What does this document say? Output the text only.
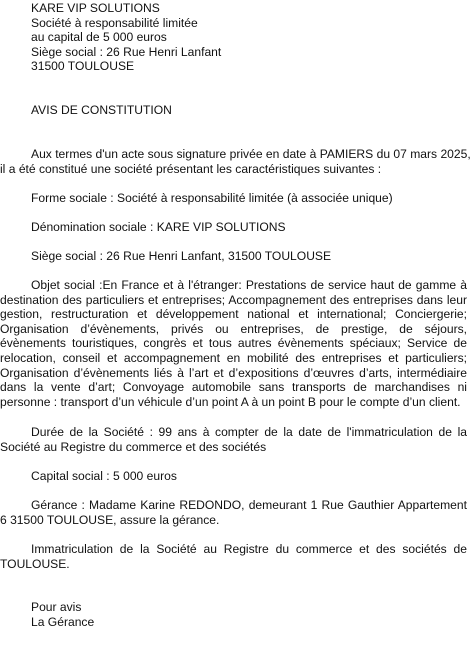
KARE VIP SOLUTIONS
Société à responsabilité limitée
au capital de 5 000 euros
Siège social : 26 Rue Henri Lanfant
31500 TOULOUSE
AVIS DE CONSTITUTION
Aux termes d'un acte sous signature privée en date à PAMIERS du 07 mars 2025,
il a été constitué une société présentant les caractéristiques suivantes :
Forme sociale : Société à responsabilité limitée (à associée unique)
Dénomination sociale : KARE VIP SOLUTIONS
Siège social : 26 Rue Henri Lanfant, 31500 TOULOUSE

Objet social :En France et à l'étranger: Prestations de service haut de gamme à destination des particuliers et entreprises; Accompagnement des entreprises dans leur gestion, restructuration et développement national et international; Conciergerie; Organisation d’évènements, privés ou entreprises, de prestige, de séjours, évènements touristiques, congrès et tous autres évènements spéciaux; Service de relocation, conseil et accompagnement en mobilité des entreprises et particuliers; Organisation d’évènements liés à l’art et d’expositions d’œuvres d’arts, intermédiaire dans la vente d’art; Convoyage automobile sans transports de marchandises ni personne : transport d’un véhicule d’un point A à un point B pour le compte d’un client.

Durée de la Société : 99 ans à compter de la date de l'immatriculation de la Société au Registre du commerce et des sociétés

Capital social : 5 000 euros

Gérance : Madame Karine REDONDO, demeurant 1 Rue Gauthier Appartement 6 31500 TOULOUSE, assure la gérance.

Immatriculation de la Société au Registre du commerce et des sociétés de TOULOUSE.

Pour avis
La Gérance
